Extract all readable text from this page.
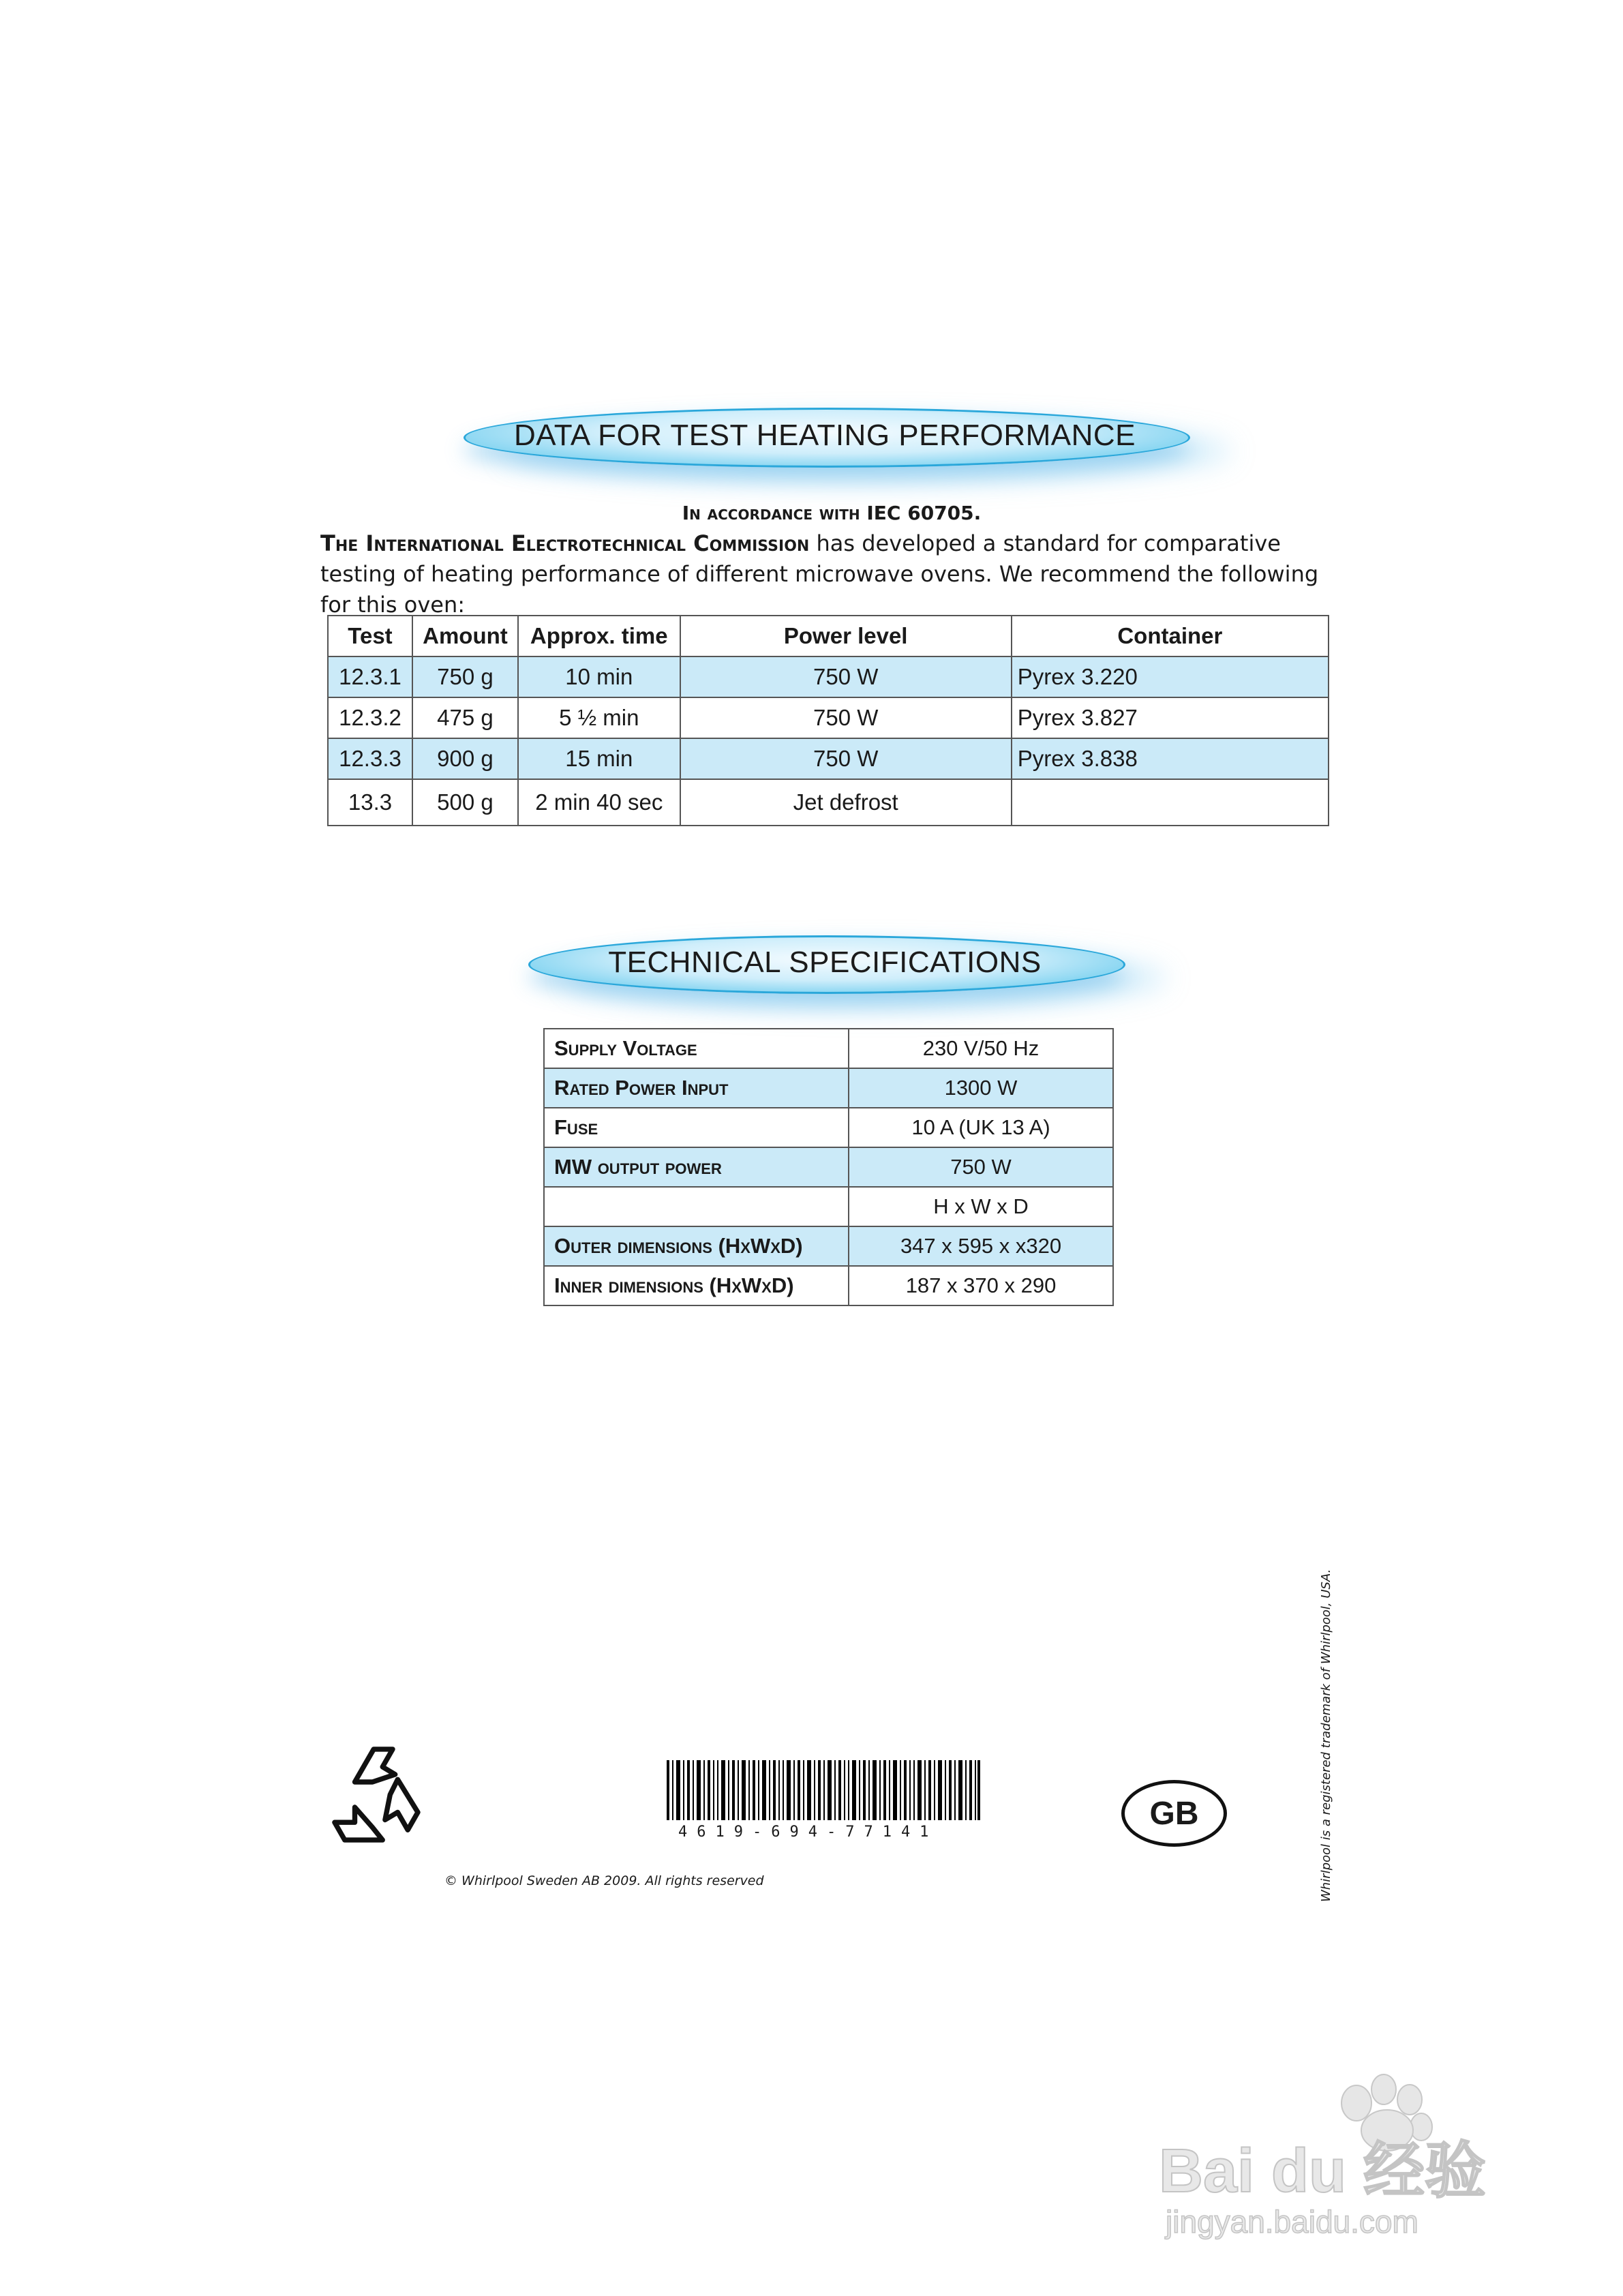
DATA FOR TEST HEATING PERFORMANCE
In accordance with IEC 60705.
The International Electrotechnical Commission has developed a standard for comparative testing of heating performance of different microwave ovens. We recommend the following for this oven:
Test	Amount	Approx. time	Power level	Container
12.3.1	750 g	10 min	750 W	Pyrex 3.220
12.3.2	475 g	5 ½ min	750 W	Pyrex 3.827
12.3.3	900 g	15 min	750 W	Pyrex 3.838
13.3	500 g	2 min 40 sec	Jet defrost	
TECHNICAL SPECIFICATIONS
Supply Voltage	230 V/50 Hz
Rated Power Input	1300 W
Fuse	10 A (UK 13 A)
MW output power	750 W
	H x W x D
Outer dimensions (HxWxD)	347 x 595 x x320
Inner dimensions (HxWxD)	187 x 370 x 290
4619-694-77141
© Whirlpool Sweden AB 2009. All rights reserved
GB	Whirlpool is a registered trademark of Whirlpool, USA.
Bai du 经验
jingyan.baidu.com
